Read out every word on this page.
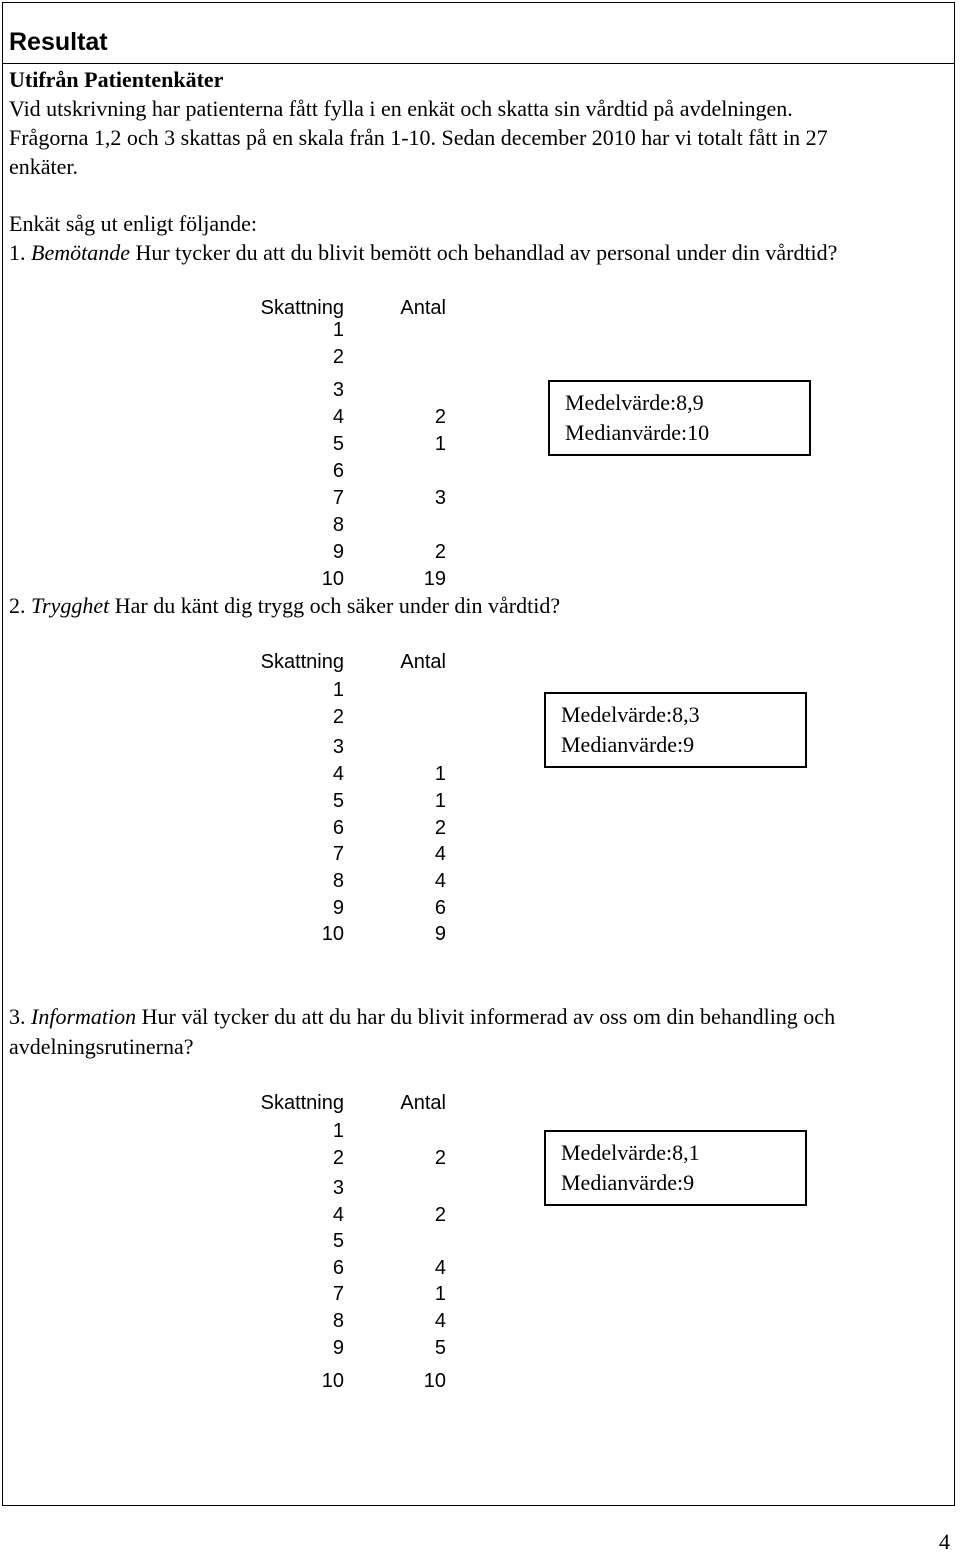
Resultat
Utifrån Patientenkäter
Vid utskrivning har patienterna fått fylla i en enkät och skatta sin vårdtid på avdelningen.
Frågorna 1,2 och 3 skattas på en skala från 1-10. Sedan december 2010 har vi totalt fått in 27
enkäter.
Enkät såg ut enligt följande:
1. Bemötande Hur tycker du att du blivit bemött och behandlad av personal under din vårdtid?
Skattning	Antal
1
2
3
4	2
5	1
6
7	3
8
9	2
10	19
Medelvärde:8,9
Medianvärde:10
2. Trygghet Har du känt dig trygg och säker under din vårdtid?
Skattning	Antal
1
2
3
4	1
5	1
6	2
7	4
8	4
9	6
10	9
Medelvärde:8,3
Medianvärde:9
3. Information Hur väl tycker du att du har du blivit informerad av oss om din behandling och
avdelningsrutinerna?
Skattning	Antal
1
2	2
3
4	2
5
6	4
7	1
8	4
9	5
10	10
Medelvärde:8,1
Medianvärde:9
4
